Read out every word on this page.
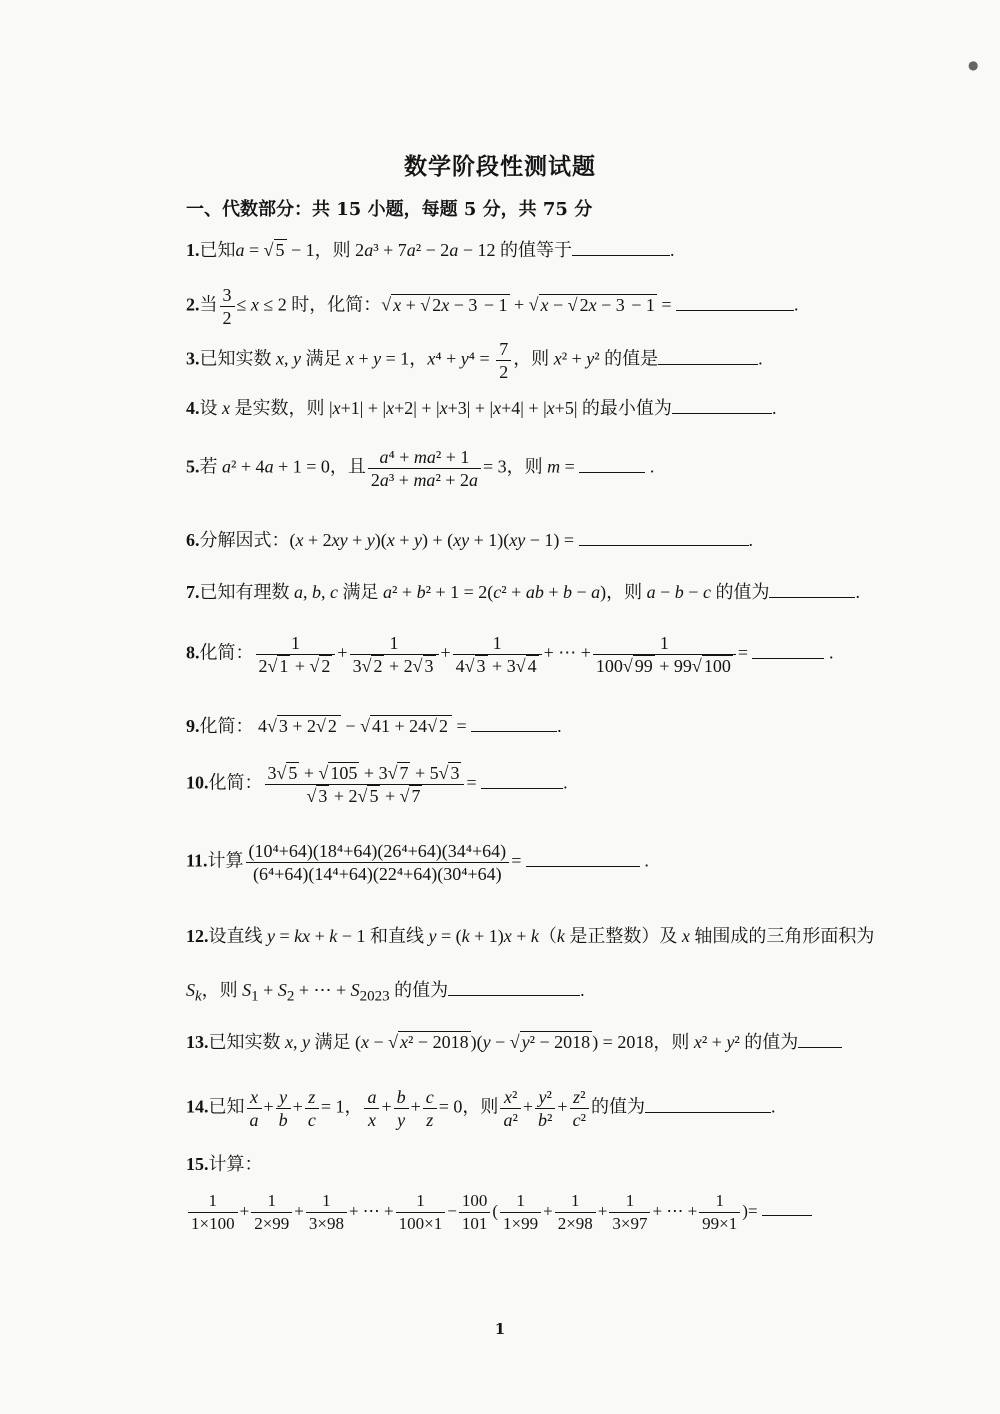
●
数学阶段性测试题
一、代数部分：共 15 小题，每题 5 分，共 75 分
1.已知a = √ 5 − 1，则 2a³ + 7a² − 2a − 12 的值等于	.
2.当 $\frac{3}{2} \le x \le 2$ 时，化简：√ x + √ 2x − 3 − 1 + √ x − √ 2x − 3 − 1 =	.
3.已知实数 x, y 满足 x + y = 1，$x^4 + y^4 = \frac{7}{2}$ ，则 x² + y² 的值是	.
4.设 x 是实数，则 |x+1| + |x+2| + |x+3| + |x+4| + |x+5| 的最小值为	.
5.若 a² + 4a + 1 = 0，且 $\frac{\text{a⁴ + ma² + 1}}{\text{2a³ + ma² + 2a}} = 3$，则 m =	.
6.分解因式：(x + 2xy + y)(x + y) + (xy + 1)(xy − 1) =	.
7.已知有理数 a, b, c 满足 a² + b² + 1 = 2(c² + ab + b − a)，则 a − b − c 的值为	.
8.化简： $\frac{1}{2√ 1 + √ 2} + \frac{1}{3√ 2 + 2√ 3} + \frac{1}{4√ 3 + 3√ 4}$ + ⋯ + $\frac{1}{100√ 99 + 99√ 100}$ =	.
9.化简： 4√ 3 + 2√ 2 − √ 41 + 24√ 2 =	.
10.化简： $\frac{3√ 5 + √ 105 + 3√ 7 + 5√ 3}{√ 3 + 2√ 5 + √ 7}$ =	.
11.计算 $\frac{\text{(10⁴+64)(18⁴+64)(26⁴+64)(34⁴+64)}}{\text{(6⁴+64)(14⁴+64)(22⁴+64)(30⁴+64)}}$ =	.
12.设直线 y = kx + k − 1 和直线 y = (k + 1)x + k（k 是正整数）及 x 轴围成的三角形面积为
$S_k$，则 $S_1 + S_2$ + ⋯ + $S_{2023}$ 的值为	.
13.已知实数 x, y 满足 (x − √ x² − 2018 )(y − √ y² − 2018 ) = 2018，则 x² + y² 的值为
14.已知 $\frac{x}{a} + \frac{y}{b} + \frac{z}{c} = 1$， $\frac{a}{x} + \frac{b}{y} + \frac{c}{z} = 0$，则 $\frac{\text{x²}}{\text{a²}} + \frac{\text{y²}}{\text{b²}} + \frac{\text{z²}}{\text{c²}}$ 的值为	.
15.计算：
$\frac{1}{1\times 100} + \frac{1}{2\times 99} + \frac{1}{3\times 98}$ + ⋯ + $\frac{1}{100\times 1} - \frac{100}{101}$ ( $\frac{1}{1\times 99} + \frac{1}{2\times 98} + \frac{1}{3\times 97}$ + ⋯ + $\frac{1}{99\times 1}$ )=
1
